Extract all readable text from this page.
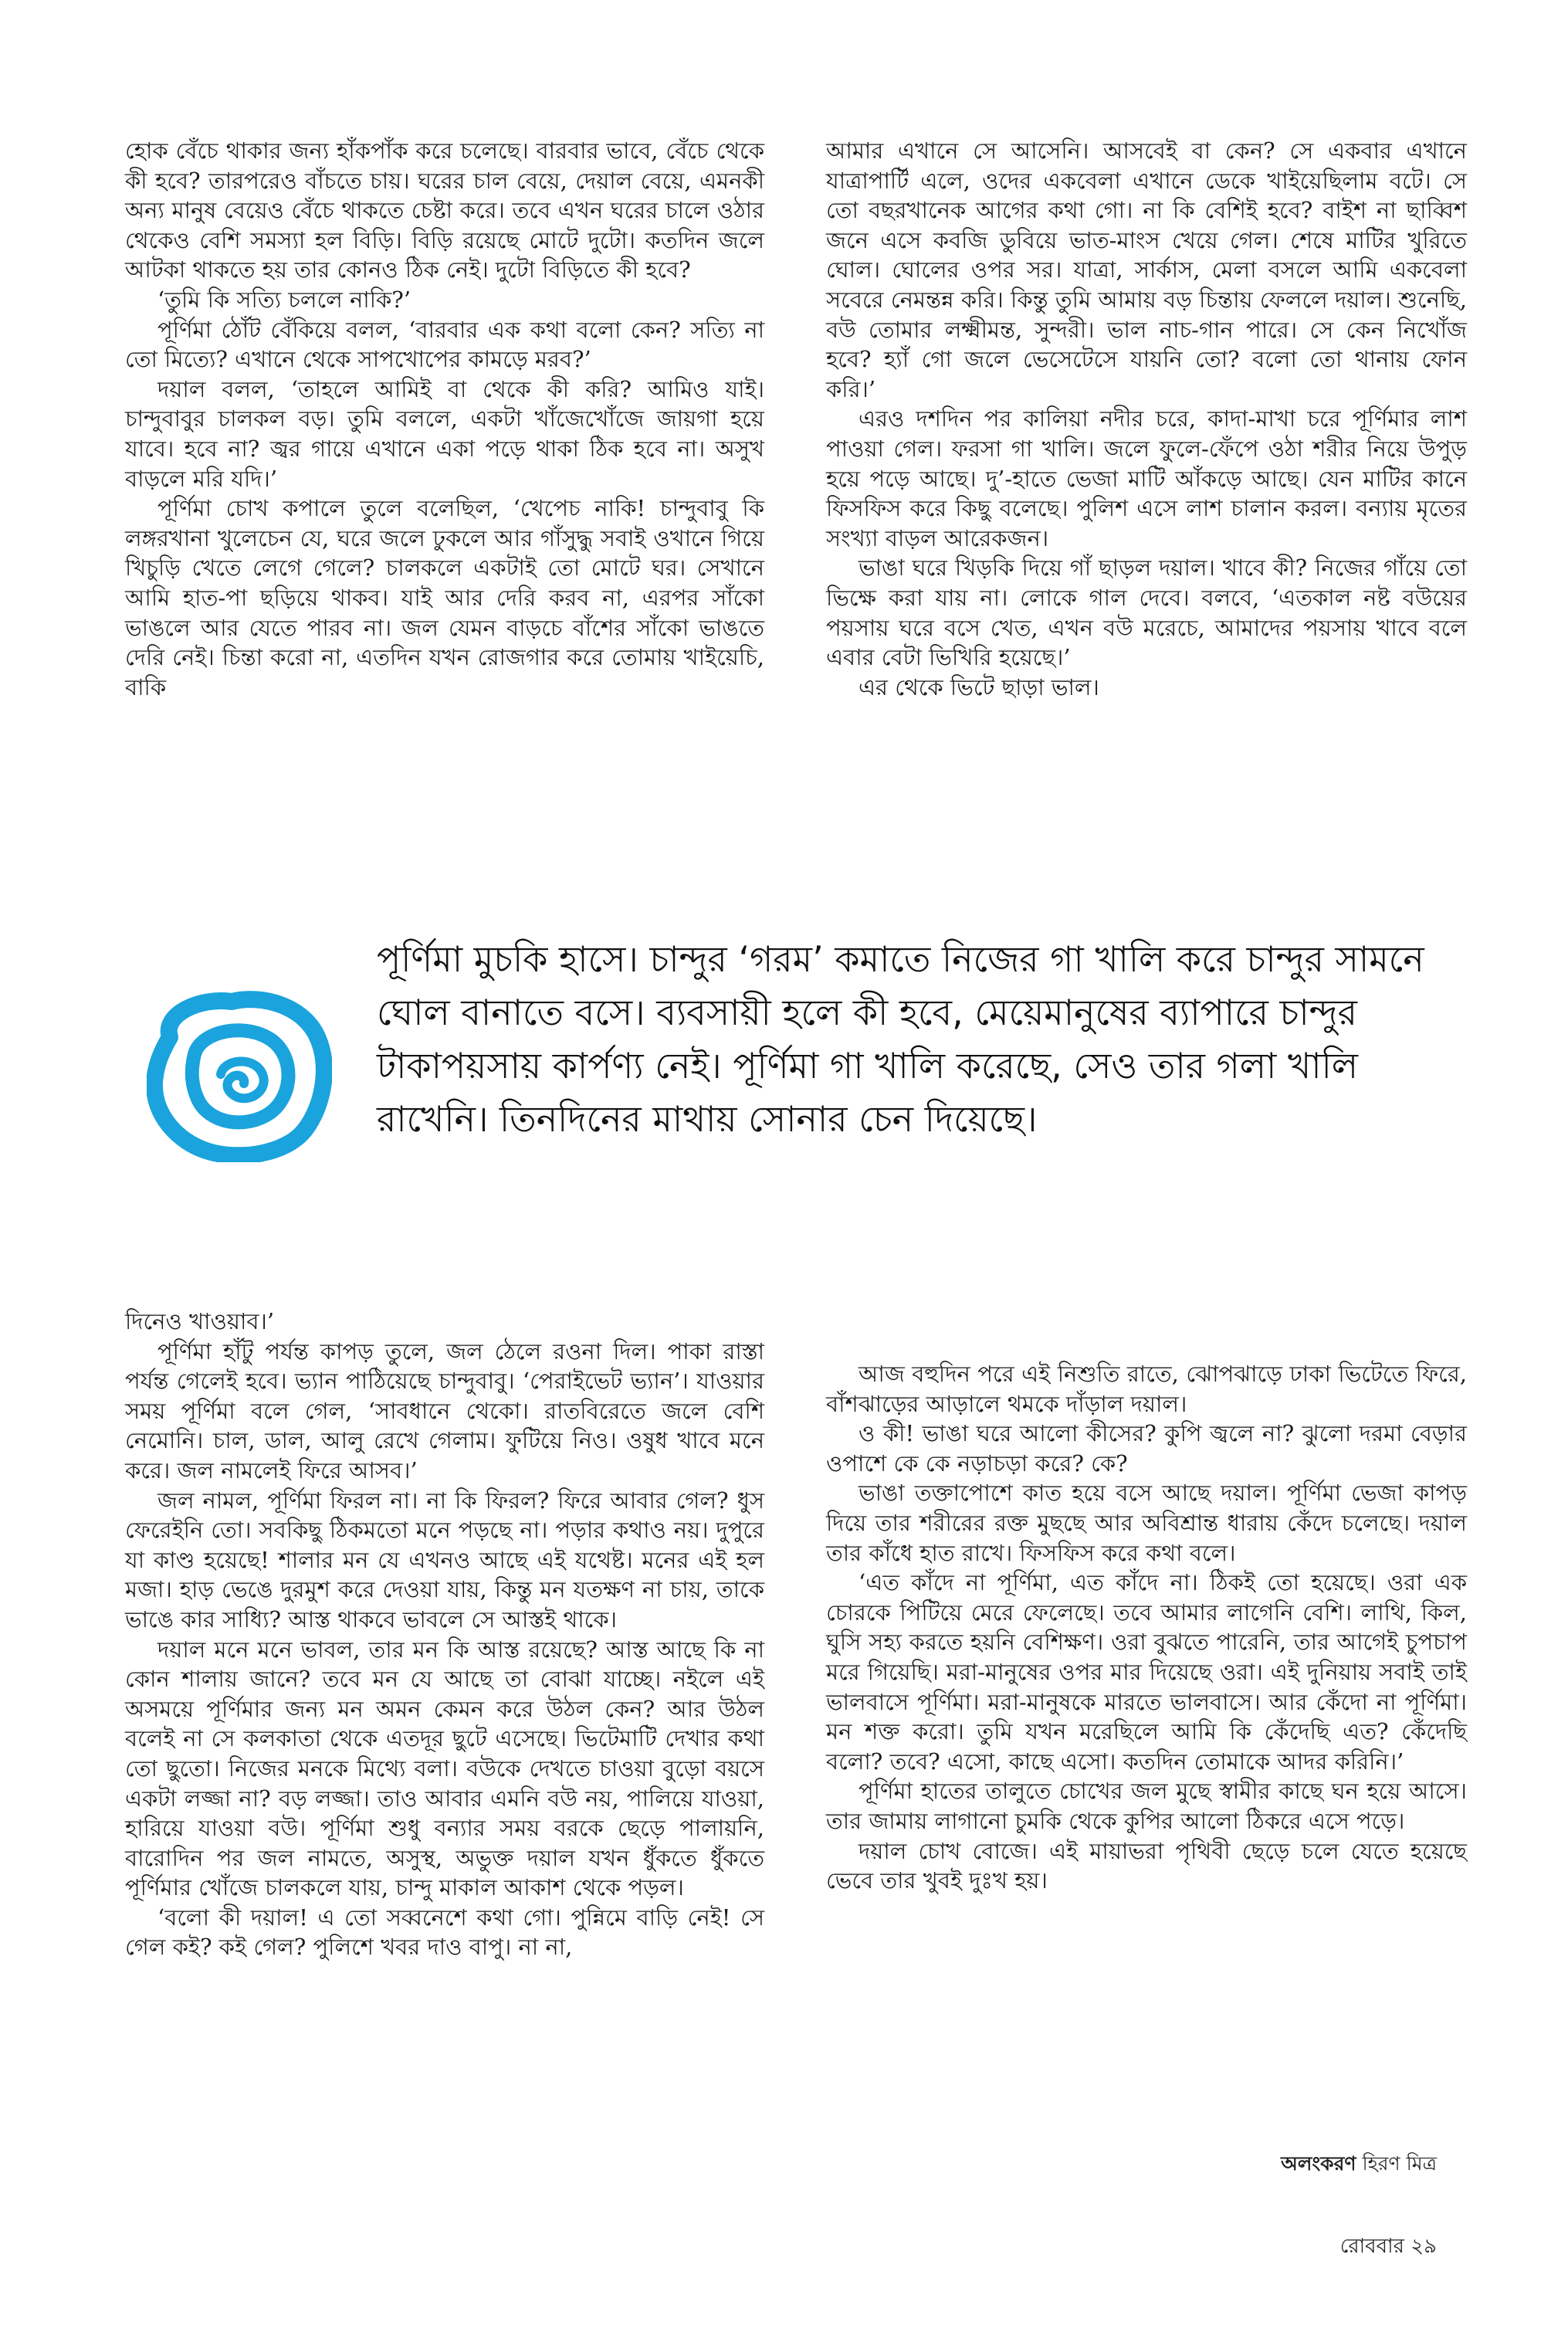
হোক বেঁচে থাকার জন্য হাঁকপাঁক করে চলেছে। বারবার ভাবে, বেঁচে থেকে কী হবে? তারপরেও বাঁচতে চায়। ঘরের চাল বেয়ে, দেয়াল বেয়ে, এমনকী অন্য মানুষ বেয়েও বেঁচে থাকতে চেষ্টা করে। তবে এখন ঘরের চালে ওঠার থেকেও বেশি সমস্যা হল বিড়ি। বিড়ি রয়েছে মোটে দুটো। কতদিন জলে আটকা থাকতে হয় তার কোনও ঠিক নেই। দুটো বিড়িতে কী হবে?

‘তুমি কি সত্যি চললে নাকি?’

পূর্ণিমা ঠোঁট বেঁকিয়ে বলল, ‘বারবার এক কথা বলো কেন? সত্যি না তো মিত্যে? এখানে থেকে সাপখোপের কামড়ে মরব?’

দয়াল বলল, ‘তাহলে আমিই বা থেকে কী করি? আমিও যাই। চান্দুবাবুর চালকল বড়। তুমি বললে, একটা খাঁজেখোঁজে জায়গা হয়ে যাবে। হবে না? জ্বর গায়ে এখানে একা পড়ে থাকা ঠিক হবে না। অসুখ বাড়লে মরি যদি।’

পূর্ণিমা চোখ কপালে তুলে বলেছিল, ‘খেপেচ নাকি! চান্দুবাবু কি লঙ্গরখানা খুলেচেন যে, ঘরে জলে ঢুকলে আর গাঁসুদ্ধু সবাই ওখানে গিয়ে খিচুড়ি খেতে লেগে গেলে? চালকলে একটাই তো মোটে ঘর। সেখানে আমি হাত-পা ছড়িয়ে থাকব। যাই আর দেরি করব না, এরপর সাঁকো ভাঙলে আর যেতে পারব না। জল যেমন বাড়চে বাঁশের সাঁকো ভাঙতে দেরি নেই। চিন্তা করো না, এতদিন যখন রোজগার করে তোমায় খাইয়েচি, বাকি

আমার এখানে সে আসেনি। আসবেই বা কেন? সে একবার এখানে যাত্রাপার্টি এলে, ওদের একবেলা এখানে ডেকে খাইয়েছিলাম বটে। সে তো বছরখানেক আগের কথা গো। না কি বেশিই হবে? বাইশ না ছাব্বিশ জনে এসে কবজি ডুবিয়ে ভাত-মাংস খেয়ে গেল। শেষে মাটির খুরিতে ঘোল। ঘোলের ওপর সর। যাত্রা, সার্কাস, মেলা বসলে আমি একবেলা সবেরে নেমন্তন্ন করি। কিন্তু তুমি আমায় বড় চিন্তায় ফেললে দয়াল। শুনেছি, বউ তোমার লক্ষ্মীমন্ত, সুন্দরী। ভাল নাচ-গান পারে। সে কেন নিখোঁজ হবে? হ্যাঁ গো জলে ভেসেটেসে যায়নি তো? বলো তো থানায় ফোন করি।’

এরও দশদিন পর কালিয়া নদীর চরে, কাদা-মাখা চরে পূর্ণিমার লাশ পাওয়া গেল। ফরসা গা খালি। জলে ফুলে-ফেঁপে ওঠা শরীর নিয়ে উপুড় হয়ে পড়ে আছে। দু’-হাতে ভেজা মাটি আঁকড়ে আছে। যেন মাটির কানে ফিসফিস করে কিছু বলেছে। পুলিশ এসে লাশ চালান করল। বন্যায় মৃতের সংখ্যা বাড়ল আরেকজন।

ভাঙা ঘরে খিড়কি দিয়ে গাঁ ছাড়ল দয়াল। খাবে কী? নিজের গাঁয়ে তো ভিক্ষে করা যায় না। লোকে গাল দেবে। বলবে, ‘এতকাল নষ্ট বউয়ের পয়সায় ঘরে বসে খেত, এখন বউ মরেচে, আমাদের পয়সায় খাবে বলে এবার বেটা ভিখিরি হয়েছে।’

এর থেকে ভিটে ছাড়া ভাল।

পূর্ণিমা মুচকি হাসে। চান্দুর ‘গরম’ কমাতে নিজের গা খালি করে চান্দুর সামনে ঘোল বানাতে বসে। ব্যবসায়ী হলে কী হবে, মেয়েমানুষের ব্যাপারে চান্দুর টাকাপয়সায় কার্পণ্য নেই। পূর্ণিমা গা খালি করেছে, সেও তার গলা খালি রাখেনি। তিনদিনের মাথায় সোনার চেন দিয়েছে।

দিনেও খাওয়াব।’

পূর্ণিমা হাঁটু পর্যন্ত কাপড় তুলে, জল ঠেলে রওনা দিল। পাকা রাস্তা পর্যন্ত গেলেই হবে। ভ্যান পাঠিয়েছে চান্দুবাবু। ‘পেরাইভেট ভ্যান’। যাওয়ার সময় পূর্ণিমা বলে গেল, ‘সাবধানে থেকো। রাতবিরেতে জলে বেশি নেমোনি। চাল, ডাল, আলু রেখে গেলাম। ফুটিয়ে নিও। ওষুধ খাবে মনে করে। জল নামলেই ফিরে আসব।’

জল নামল, পূর্ণিমা ফিরল না। না কি ফিরল? ফিরে আবার গেল? ধুস ফেরেইনি তো। সবকিছু ঠিকমতো মনে পড়ছে না। পড়ার কথাও নয়। দুপুরে যা কাণ্ড হয়েছে! শালার মন যে এখনও আছে এই যথেষ্ট। মনের এই হল মজা। হাড় ভেঙে দুরমুশ করে দেওয়া যায়, কিন্তু মন যতক্ষণ না চায়, তাকে ভাঙে কার সাধ্যি? আস্ত থাকবে ভাবলে সে আস্তই থাকে।

দয়াল মনে মনে ভাবল, তার মন কি আস্ত রয়েছে? আস্ত আছে কি না কোন শালায় জানে? তবে মন যে আছে তা বোঝা যাচ্ছে। নইলে এই অসময়ে পূর্ণিমার জন্য মন অমন কেমন করে উঠল কেন? আর উঠল বলেই না সে কলকাতা থেকে এতদূর ছুটে এসেছে। ভিটেমাটি দেখার কথা তো ছুতো। নিজের মনকে মিথ্যে বলা। বউকে দেখতে চাওয়া বুড়ো বয়সে একটা লজ্জা না? বড় লজ্জা। তাও আবার এমনি বউ নয়, পালিয়ে যাওয়া, হারিয়ে যাওয়া বউ। পূর্ণিমা শুধু বন্যার সময় বরকে ছেড়ে পালায়নি, বারোদিন পর জল নামতে, অসুস্থ, অভুক্ত দয়াল যখন ধুঁকতে ধুঁকতে পূর্ণিমার খোঁজে চালকলে যায়, চান্দু মাকাল আকাশ থেকে পড়ল।

‘বলো কী দয়াল! এ তো সব্বনেশে কথা গো। পুন্নিমে বাড়ি নেই! সে গেল কই? কই গেল? পুলিশে খবর দাও বাপু। না না,

আজ বহুদিন পরে এই নিশুতি রাতে, ঝোপঝাড়ে ঢাকা ভিটেতে ফিরে, বাঁশঝাড়ের আড়ালে থমকে দাঁড়াল দয়াল।

ও কী! ভাঙা ঘরে আলো কীসের? কুপি জ্বলে না? ঝুলো দরমা বেড়ার ওপাশে কে কে নড়াচড়া করে? কে?

ভাঙা তক্তাপোশে কাত হয়ে বসে আছে দয়াল। পূর্ণিমা ভেজা কাপড় দিয়ে তার শরীরের রক্ত মুছছে আর অবিশ্রান্ত ধারায় কেঁদে চলেছে। দয়াল তার কাঁধে হাত রাখে। ফিসফিস করে কথা বলে।

‘এত কাঁদে না পূর্ণিমা, এত কাঁদে না। ঠিকই তো হয়েছে। ওরা এক চোরকে পিটিয়ে মেরে ফেলেছে। তবে আমার লাগেনি বেশি। লাথি, কিল, ঘুসি সহ্য করতে হয়নি বেশিক্ষণ। ওরা বুঝতে পারেনি, তার আগেই চুপচাপ মরে গিয়েছি। মরা-মানুষের ওপর মার দিয়েছে ওরা। এই দুনিয়ায় সবাই তাই ভালবাসে পূর্ণিমা। মরা-মানুষকে মারতে ভালবাসে। আর কেঁদো না পূর্ণিমা। মন শক্ত করো। তুমি যখন মরেছিলে আমি কি কেঁদেছি এত? কেঁদেছি বলো? তবে? এসো, কাছে এসো। কতদিন তোমাকে আদর করিনি।’

পূর্ণিমা হাতের তালুতে চোখের জল মুছে স্বামীর কাছে ঘন হয়ে আসে। তার জামায় লাগানো চুমকি থেকে কুপির আলো ঠিকরে এসে পড়ে।

দয়াল চোখ বোজে। এই মায়াভরা পৃথিবী ছেড়ে চলে যেতে হয়েছে ভেবে তার খুবই দুঃখ হয়।

অলংকরণ হিরণ মিত্র

রোববার ২৯
